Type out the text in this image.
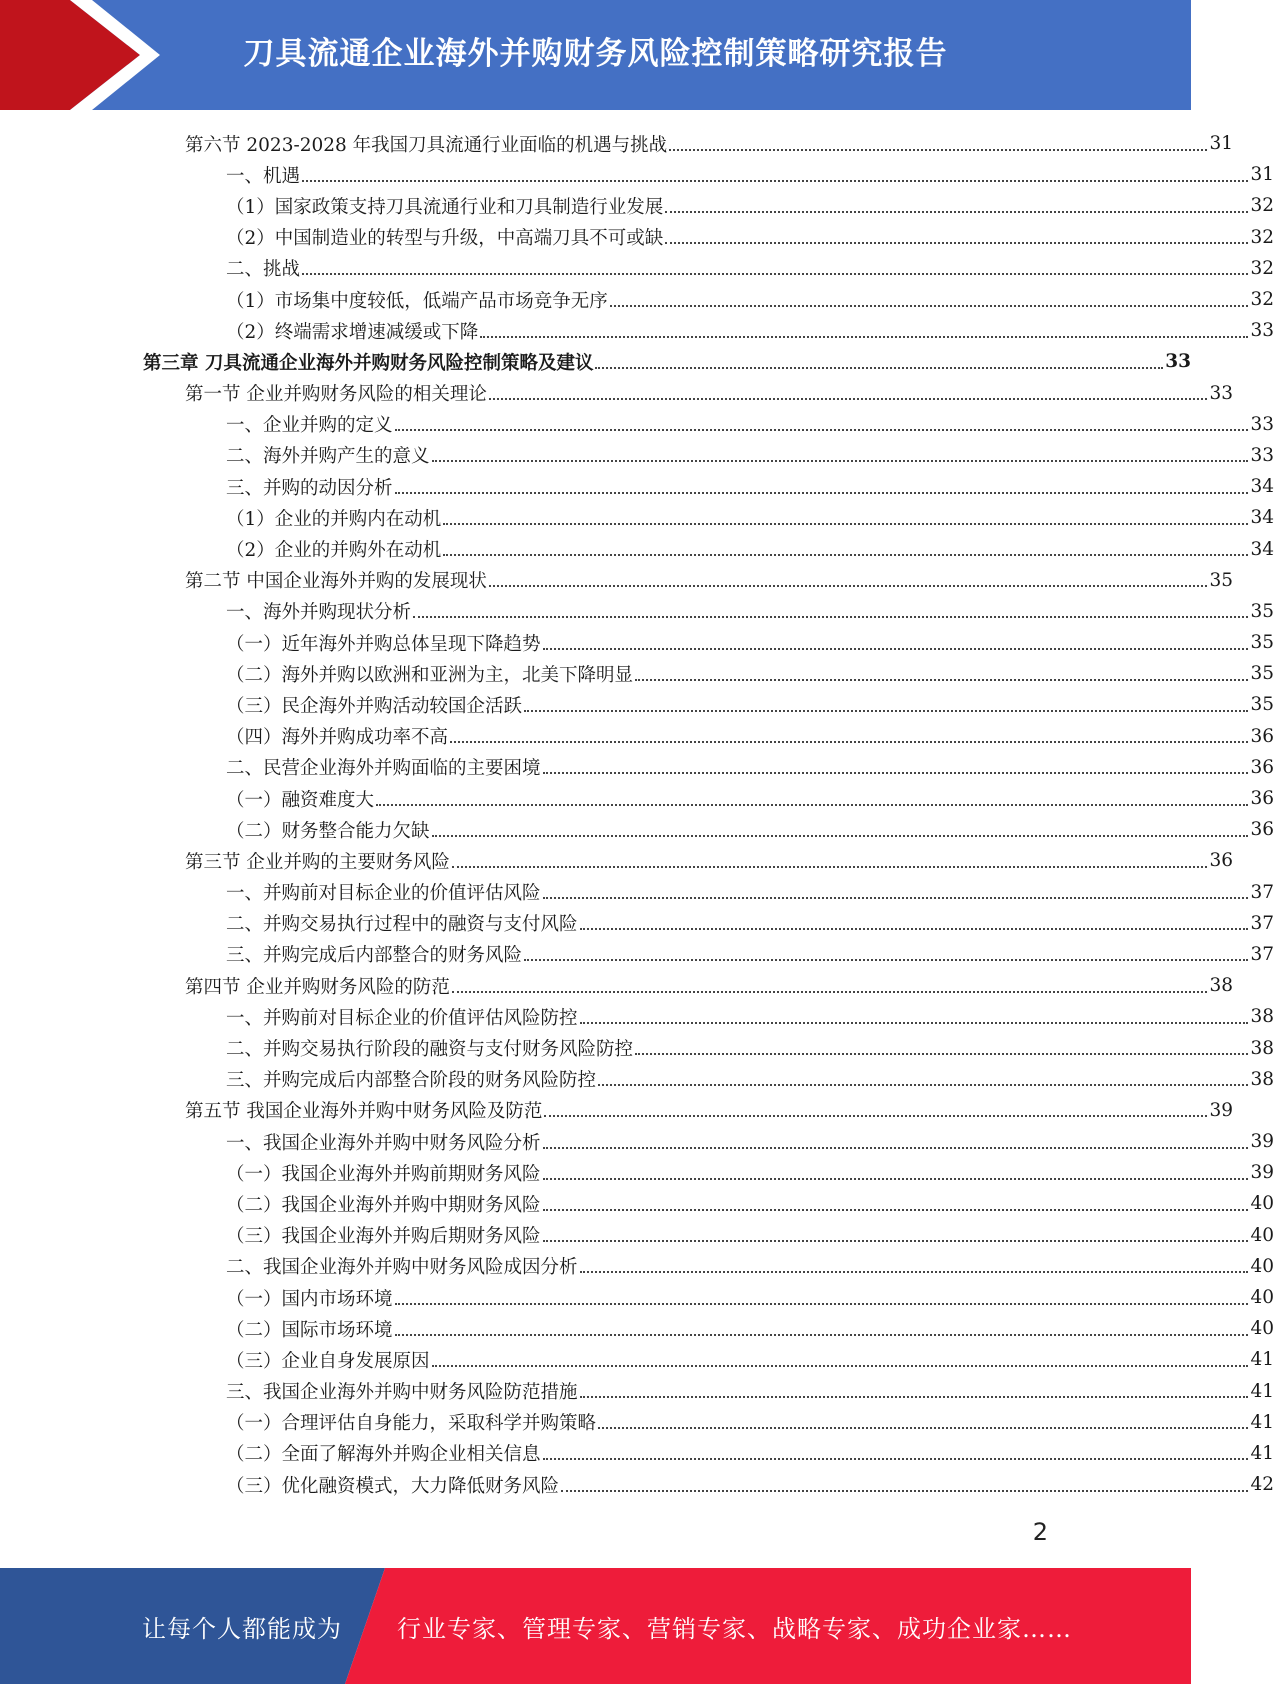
刀具流通企业海外并购财务风险控制策略研究报告
第六节 2023-2028 年我国刀具流通行业面临的机遇与挑战	31
一、机遇	31
（1）国家政策支持刀具流通行业和刀具制造行业发展	32
（2）中国制造业的转型与升级，中高端刀具不可或缺	32
二、挑战	32
（1）市场集中度较低，低端产品市场竞争无序	32
（2）终端需求增速减缓或下降	33
第三章 刀具流通企业海外并购财务风险控制策略及建议	33
第一节 企业并购财务风险的相关理论	33
一、企业并购的定义	33
二、海外并购产生的意义	33
三、并购的动因分析	34
（1）企业的并购内在动机	34
（2）企业的并购外在动机	34
第二节 中国企业海外并购的发展现状	35
一、海外并购现状分析	35
（一）近年海外并购总体呈现下降趋势	35
（二）海外并购以欧洲和亚洲为主，北美下降明显	35
（三）民企海外并购活动较国企活跃	35
（四）海外并购成功率不高	36
二、民营企业海外并购面临的主要困境	36
（一）融资难度大	36
（二）财务整合能力欠缺	36
第三节 企业并购的主要财务风险	36
一、并购前对目标企业的价值评估风险	37
二、并购交易执行过程中的融资与支付风险	37
三、并购完成后内部整合的财务风险	37
第四节 企业并购财务风险的防范	38
一、并购前对目标企业的价值评估风险防控	38
二、并购交易执行阶段的融资与支付财务风险防控	38
三、并购完成后内部整合阶段的财务风险防控	38
第五节 我国企业海外并购中财务风险及防范	39
一、我国企业海外并购中财务风险分析	39
（一）我国企业海外并购前期财务风险	39
（二）我国企业海外并购中期财务风险	40
（三）我国企业海外并购后期财务风险	40
二、我国企业海外并购中财务风险成因分析	40
（一）国内市场环境	40
（二）国际市场环境	40
（三）企业自身发展原因	41
三、我国企业海外并购中财务风险防范措施	41
（一）合理评估自身能力，采取科学并购策略	41
（二）全面了解海外并购企业相关信息	41
（三）优化融资模式，大力降低财务风险	42
2
让每个人都能成为 行业专家、管理专家、营销专家、战略专家、成功企业家……
